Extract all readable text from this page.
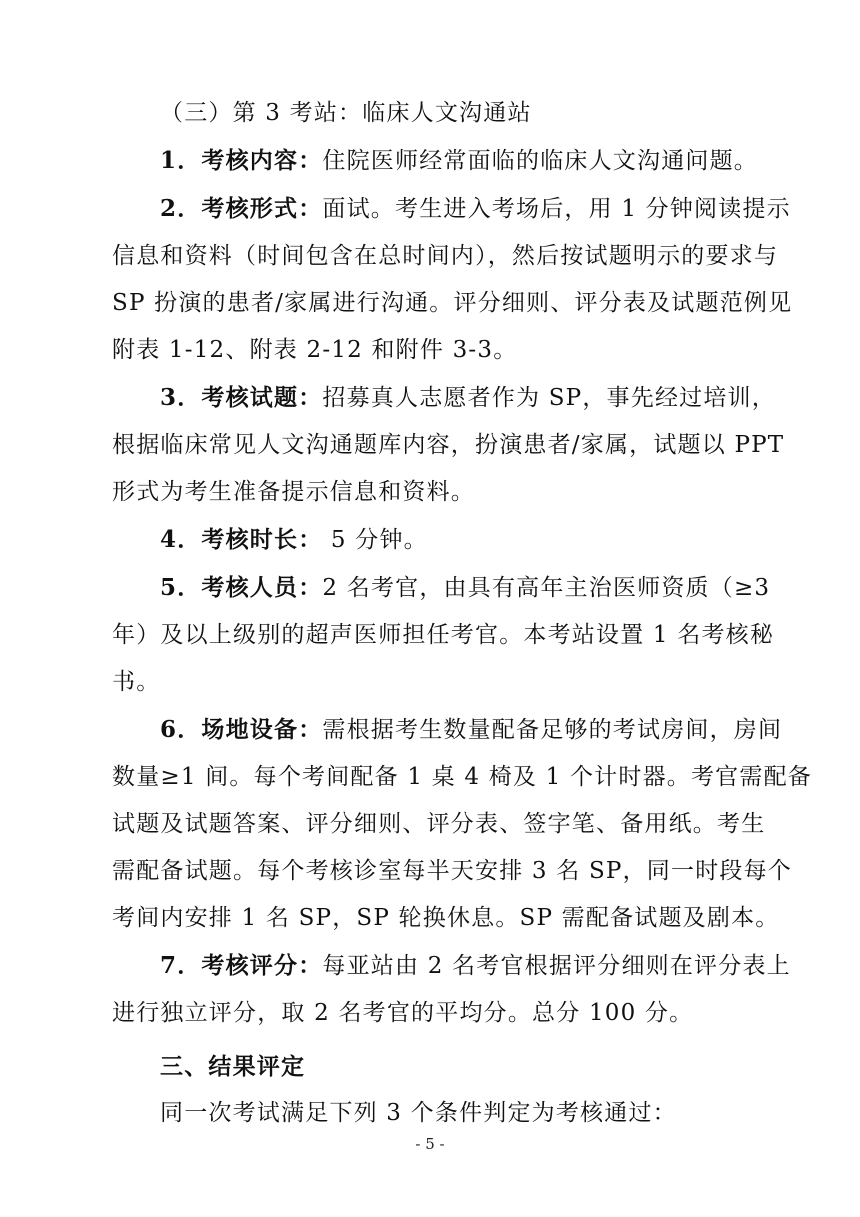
（三）第 3 考站：临床人文沟通站
1．考核内容：住院医师经常面临的临床人文沟通问题。
2．考核形式：面试。考生进入考场后，用 1 分钟阅读提示
信息和资料（时间包含在总时间内），然后按试题明示的要求与
SP 扮演的患者/家属进行沟通。评分细则、评分表及试题范例见
附表 1-12、附表 2-12 和附件 3-3。
3．考核试题：招募真人志愿者作为 SP，事先经过培训，
根据临床常见人文沟通题库内容，扮演患者/家属，试题以 PPT
形式为考生准备提示信息和资料。
4．考核时长： 5 分钟。
5．考核人员：2 名考官，由具有高年主治医师资质（≥3
年）及以上级别的超声医师担任考官。本考站设置 1 名考核秘
书。
6．场地设备：需根据考生数量配备足够的考试房间，房间
数量≥1 间。每个考间配备 1 桌 4 椅及 1 个计时器。考官需配备
试题及试题答案、评分细则、评分表、签字笔、备用纸。考生
需配备试题。每个考核诊室每半天安排 3 名 SP，同一时段每个
考间内安排 1 名 SP，SP 轮换休息。SP 需配备试题及剧本。
7．考核评分：每亚站由 2 名考官根据评分细则在评分表上
进行独立评分，取 2 名考官的平均分。总分 100 分。
三、结果评定
同一次考试满足下列 3 个条件判定为考核通过：
- 5 -
